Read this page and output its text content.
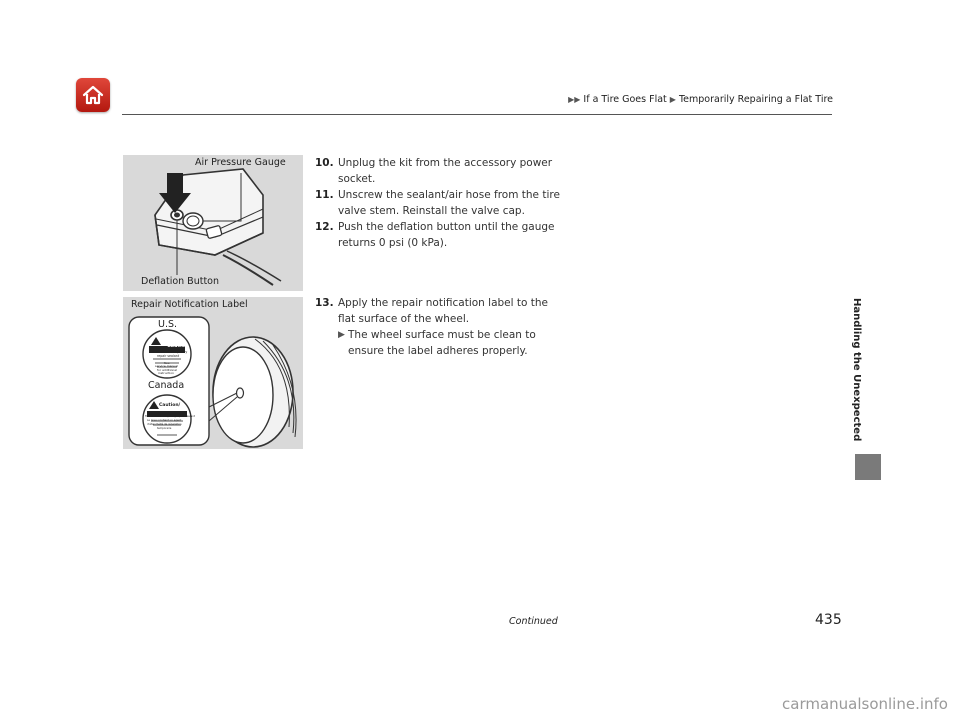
▶▶ If a Tire Goes Flat ▶ Temporarily Repairing a Flat Tire
Air Pressure Gauge
Deflation Button
Repair Notification Label
U.S.
Canada
Caution
Tire contains temporary
repair sealant
See
service manual
for additional
instruction
Caution/
Attention
Tire contains temporary repair sealant
Le pneu contient un agent
d'étanchéité de réparation
temporaire
10. Unplug the kit from the accessory power socket.
11. Unscrew the sealant/air hose from the tire valve stem. Reinstall the valve cap.
12. Push the deflation button until the gauge returns 0 psi (0 kPa).
13. Apply the repair notification label to the flat surface of the wheel.
▶ The wheel surface must be clean to ensure the label adheres properly.	Handling the Unexpected
Continued	435
carmanualsonline.info
